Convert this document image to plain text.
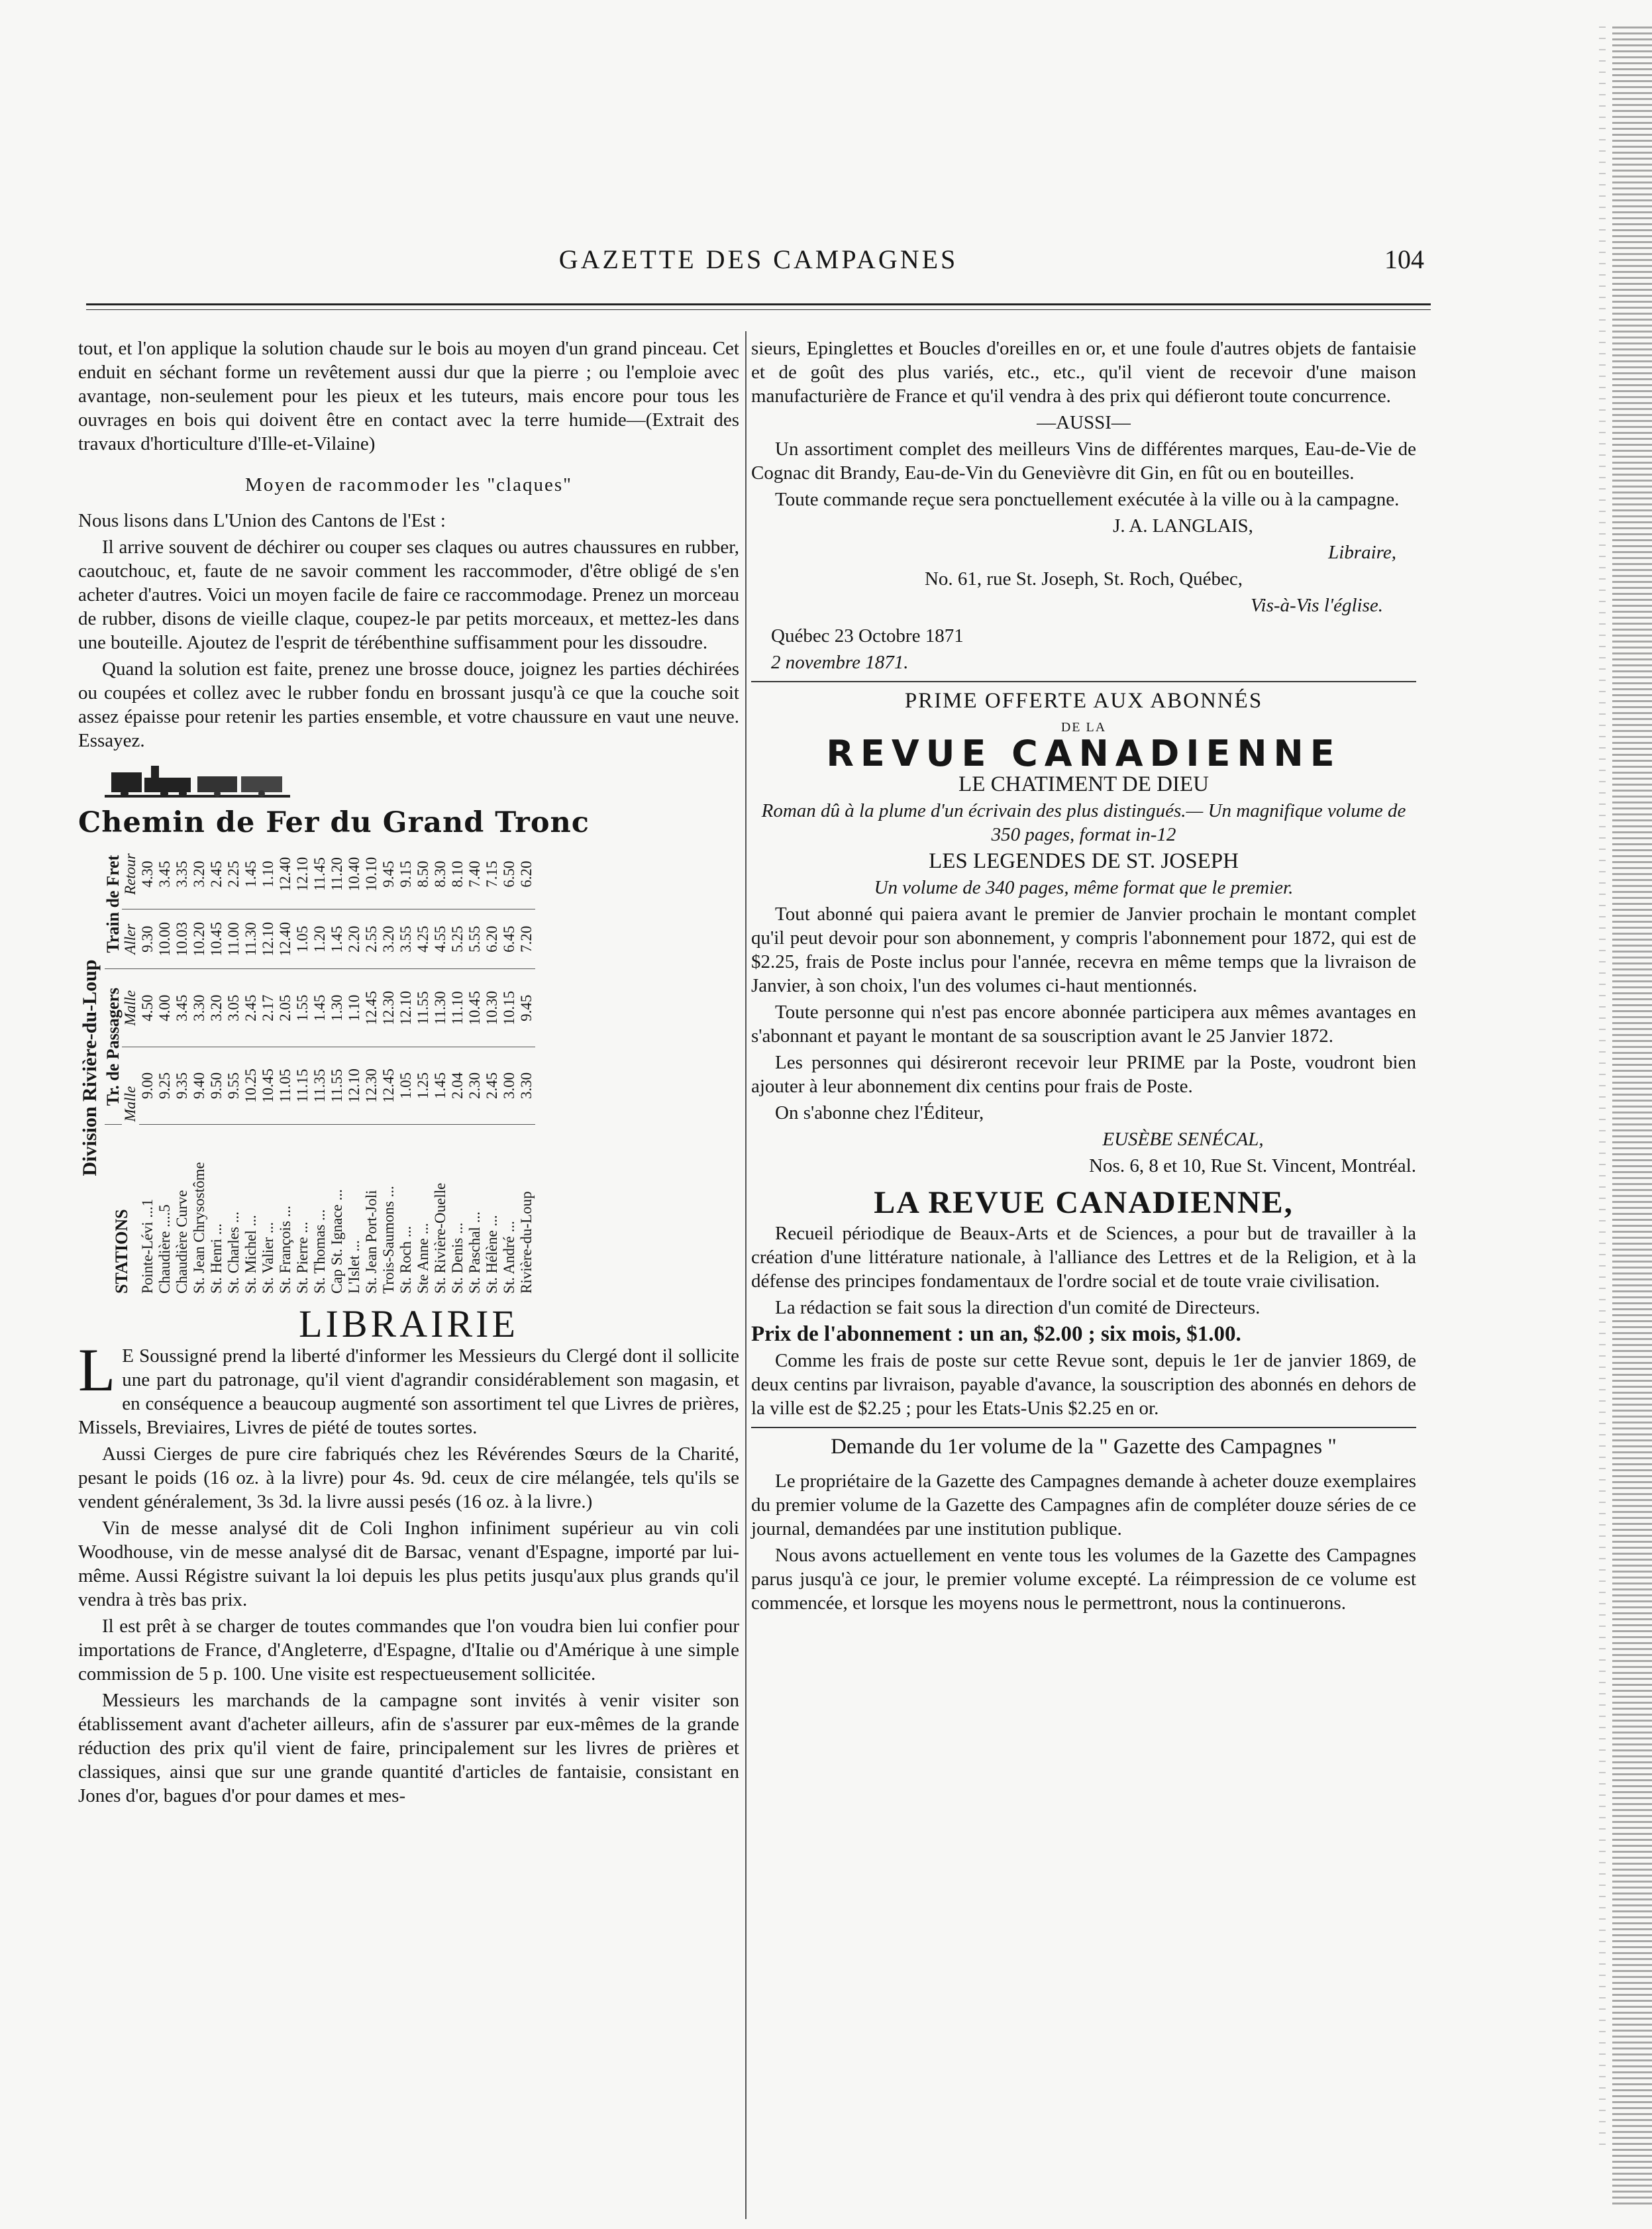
GAZETTE DES CAMPAGNES	104

tout, et l'on applique la solution chaude sur le bois au moyen d'un grand pinceau. Cet enduit en séchant forme un revêtement aussi dur que la pierre ; ou l'emploie avec avantage, non-seulement pour les pieux et les tuteurs, mais encore pour tous les ouvrages en bois qui doivent être en contact avec la terre humide—(Extrait des travaux d'horticulture d'Ille-et-Vilaine)

Moyen de racommoder les "claques"

Nous lisons dans L'Union des Cantons de l'Est :

Il arrive souvent de déchirer ou couper ses claques ou autres chaussures en rubber, caoutchouc, et, faute de ne savoir comment les raccommoder, d'être obligé de s'en acheter d'autres. Voici un moyen facile de faire ce raccommodage. Prenez un morceau de rubber, disons de vieille claque, coupez-le par petits morceaux, et mettez-les dans une bouteille. Ajoutez de l'esprit de térébenthine suffisamment pour les dissoudre.

Quand la solution est faite, prenez une brosse douce, joignez les parties déchirées ou coupées et collez avec le rubber fondu en brossant jusqu'à ce que la couche soit assez épaisse pour retenir les parties ensemble, et votre chaussure en vaut une neuve. Essayez.

Chemin de Fer du Grand Tronc
Division Rivière-du-Loup
STATIONS	Tr. de Passagers		Train de Fret	
	Malle	Malle	Aller	Retour
Pointe-Lévi ...1	9.00	4.50	9.30	4.30
Chaudière ....5	9.25	4.00	10.00	3.45
Chaudière Curve	9.35	3.45	10.03	3.35
St. Jean Chrysostôme	9.40	3.30	10.20	3.20
St. Henri ...	9.50	3.20	10.45	2.45
St. Charles ...	9.55	3.05	11.00	2.25
St. Michel ...	10.25	2.45	11.30	1.45
St. Valier ...	10.45	2.17	12.10	1.10
St. François ...	11.05	2.05	12.40	12.40
St. Pierre ...	11.15	1.55	1.05	12.10
St. Thomas ...	11.35	1.45	1.20	11.45
Cap St. Ignace ...	11.55	1.30	1.45	11.20
L'Islet ...	12.10	1.10	2.20	10.40
St. Jean Port-Joli	12.30	12.45	2.55	10.10
Trois-Saumons ...	12.45	12.30	3.20	9.45
St. Roch ...	1.05	12.10	3.55	9.15
Ste Anne ...	1.25	11.55	4.25	8.50
St. Rivière-Ouelle	1.45	11.30	4.55	8.30
St. Denis ...	2.04	11.10	5.25	8.10
St. Paschal ...	2.30	10.45	5.55	7.40
St. Hélène ...	2.45	10.30	6.20	7.15
St. André ...	3.00	10.15	6.45	6.50
Rivière-du-Loup	3.30	9.45	7.20	6.20
LIBRAIRIE

L E Soussigné prend la liberté d'informer les Messieurs du Clergé dont il sollicite une part du patronage, qu'il vient d'agrandir considérablement son magasin, et en conséquence a beaucoup augmenté son assortiment tel que Livres de prières, Missels, Breviaires, Livres de piété de toutes sortes.

Aussi Cierges de pure cire fabriqués chez les Révérendes Sœurs de la Charité, pesant le poids (16 oz. à la livre) pour 4s. 9d. ceux de cire mélangée, tels qu'ils se vendent généralement, 3s 3d. la livre aussi pesés (16 oz. à la livre.)

Vin de messe analysé dit de Coli Inghon infiniment supérieur au vin coli Woodhouse, vin de messe analysé dit de Barsac, venant d'Espagne, importé par lui-même. Aussi Régistre suivant la loi depuis les plus petits jusqu'aux plus grands qu'il vendra à très bas prix.

Il est prêt à se charger de toutes commandes que l'on voudra bien lui confier pour importations de France, d'Angleterre, d'Espagne, d'Italie ou d'Amérique à une simple commission de 5 p. 100. Une visite est respectueusement sollicitée.

Messieurs les marchands de la campagne sont invités à venir visiter son établissement avant d'acheter ailleurs, afin de s'assurer par eux-mêmes de la grande réduction des prix qu'il vient de faire, principalement sur les livres de prières et classiques, ainsi que sur une grande quantité d'articles de fantaisie, consistant en Jones d'or, bagues d'or pour dames et mes-

sieurs, Epinglettes et Boucles d'oreilles en or, et une foule d'autres objets de fantaisie et de goût des plus variés, etc., etc., qu'il vient de recevoir d'une maison manufacturière de France et qu'il vendra à des prix qui défieront toute concurrence.

—AUSSI—

Un assortiment complet des meilleurs Vins de différentes marques, Eau-de-Vie de Cognac dit Brandy, Eau-de-Vin du Genevièvre dit Gin, en fût ou en bouteilles.

Toute commande reçue sera ponctuellement exécutée à la ville ou à la campagne.

J. A. LANGLAIS,

Libraire,

No. 61, rue St. Joseph, St. Roch, Québec,

Vis-à-Vis l'église.

Québec 23 Octobre 1871

2 novembre 1871.

PRIME OFFERTE AUX ABONNÉS

DE LA

REVUE CANADIENNE

LE CHATIMENT DE DIEU

Roman dû à la plume d'un écrivain des plus distingués.— Un magnifique volume de 350 pages, format in-12

LES LEGENDES DE ST. JOSEPH

Un volume de 340 pages, même format que le premier.

Tout abonné qui paiera avant le premier de Janvier prochain le montant complet qu'il peut devoir pour son abonnement, y compris l'abonnement pour 1872, qui est de $2.25, frais de Poste inclus pour l'année, recevra en même temps que la livraison de Janvier, à son choix, l'un des volumes ci-haut mentionnés.

Toute personne qui n'est pas encore abonnée participera aux mêmes avantages en s'abonnant et payant le montant de sa souscription avant le 25 Janvier 1872.

Les personnes qui désireront recevoir leur PRIME par la Poste, voudront bien ajouter à leur abonnement dix centins pour frais de Poste.

On s'abonne chez l'Éditeur,

EUSÈBE SENÉCAL,

Nos. 6, 8 et 10, Rue St. Vincent, Montréal.

LA REVUE CANADIENNE,

Recueil périodique de Beaux-Arts et de Sciences, a pour but de travailler à la création d'une littérature nationale, à l'alliance des Lettres et de la Religion, et à la défense des principes fondamentaux de l'ordre social et de toute vraie civilisation.

La rédaction se fait sous la direction d'un comité de Directeurs.

Prix de l'abonnement : un an, $2.00 ; six mois, $1.00.

Comme les frais de poste sur cette Revue sont, depuis le 1er de janvier 1869, de deux centins par livraison, payable d'avance, la souscription des abonnés en dehors de la ville est de $2.25 ; pour les Etats-Unis $2.25 en or.

Demande du 1er volume de la " Gazette des Campagnes "

Le propriétaire de la Gazette des Campagnes demande à acheter douze exemplaires du premier volume de la Gazette des Campagnes afin de compléter douze séries de ce journal, demandées par une institution publique.

Nous avons actuellement en vente tous les volumes de la Gazette des Campagnes parus jusqu'à ce jour, le premier volume excepté. La réimpression de ce volume est commencée, et lorsque les moyens nous le permettront, nous la continuerons.
